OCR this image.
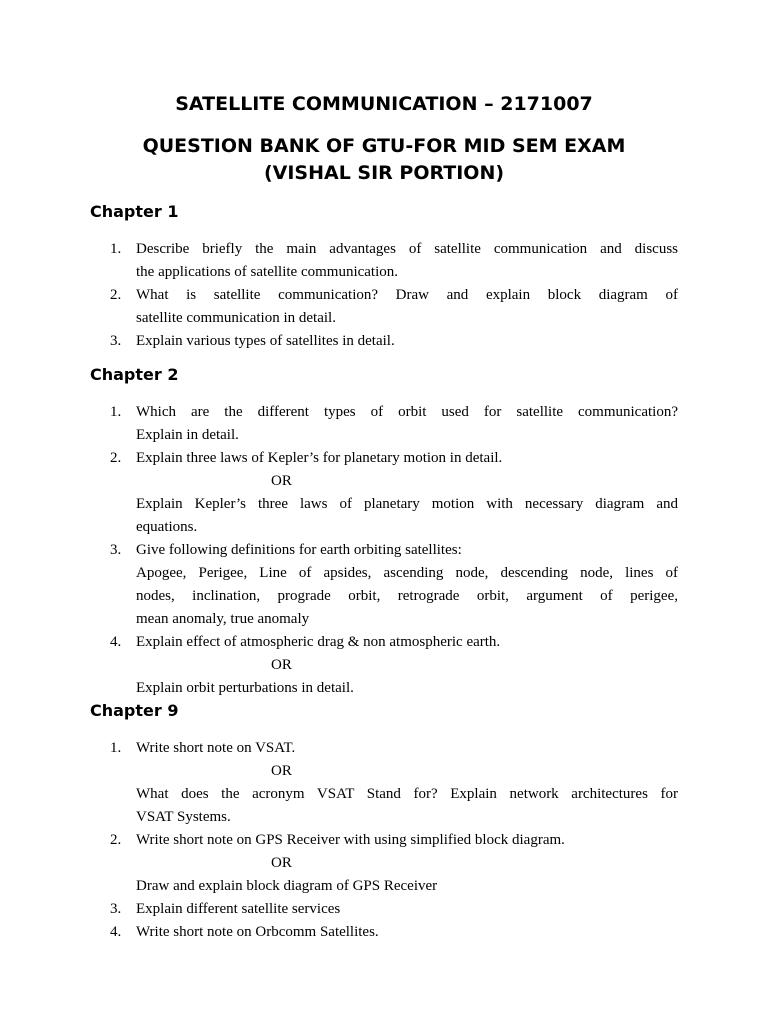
SATELLITE COMMUNICATION – 2171007
QUESTION BANK OF GTU-FOR MID SEM EXAM
(VISHAL SIR PORTION)
Chapter 1
1. Describe briefly the main advantages of satellite communication and discuss
the applications of satellite communication.
2. What is satellite communication? Draw and explain block diagram of
satellite communication in detail.
3. Explain various types of satellites in detail.
Chapter 2
1. Which are the different types of orbit used for satellite communication?
Explain in detail.
2. Explain three laws of Kepler’s for planetary motion in detail.
OR
Explain Kepler’s three laws of planetary motion with necessary diagram and
equations.
3. Give following definitions for earth orbiting satellites:
Apogee, Perigee, Line of apsides, ascending node, descending node, lines of
nodes, inclination, prograde orbit, retrograde orbit, argument of perigee,
mean anomaly, true anomaly
4. Explain effect of atmospheric drag & non atmospheric earth.
OR
Explain orbit perturbations in detail.
Chapter 9
1. Write short note on VSAT.
OR
What does the acronym VSAT Stand for? Explain network architectures for
VSAT Systems.
2. Write short note on GPS Receiver with using simplified block diagram.
OR
Draw and explain block diagram of GPS Receiver
3. Explain different satellite services
4. Write short note on Orbcomm Satellites.
